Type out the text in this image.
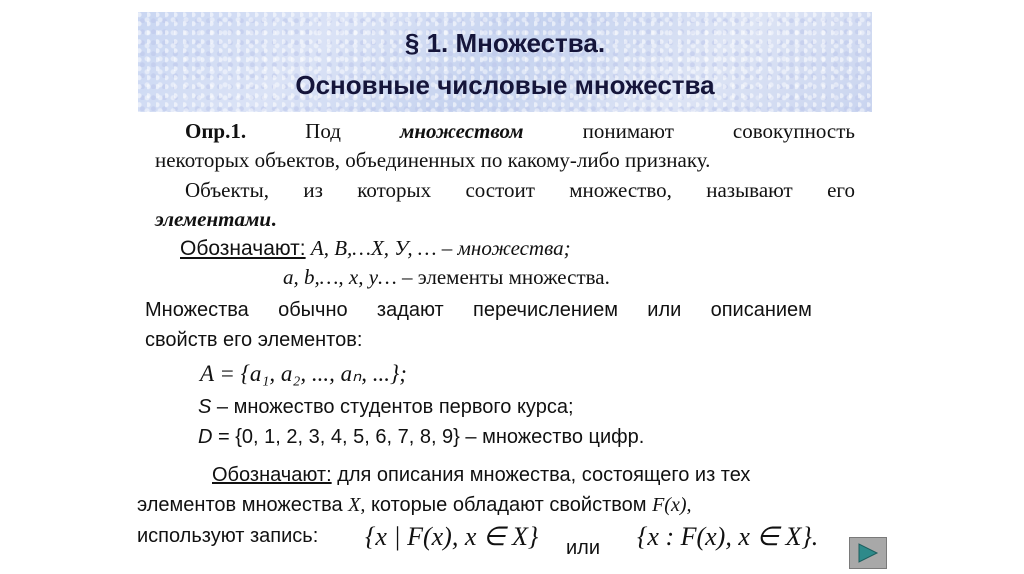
§ 1. Множества.
Основные числовые множества
Опр.1.	Под	множеством	понимают	совокупность
некоторых объектов, объединенных по какому-либо признаку.
Объекты, из которых состоит множество, называют его
элементами.
Обозначают: A, B,…X, У, … – множества;
a, b,…, x, y… – элементы множества.
Множества обычно задают перечислением или описанием
свойств его элементов:
A = {a₁, a₂, ..., aₙ, ...};
S – множество студентов первого курса;
D = {0, 1, 2, 3, 4, 5, 6, 7, 8, 9} – множество цифр.
Обозначают: для описания множества, состоящего из тех
элементов множества X, которые обладают свойством F(x),
используют запись: {x | F(x), x ∈ X} или {x : F(x), x ∈ X}.
